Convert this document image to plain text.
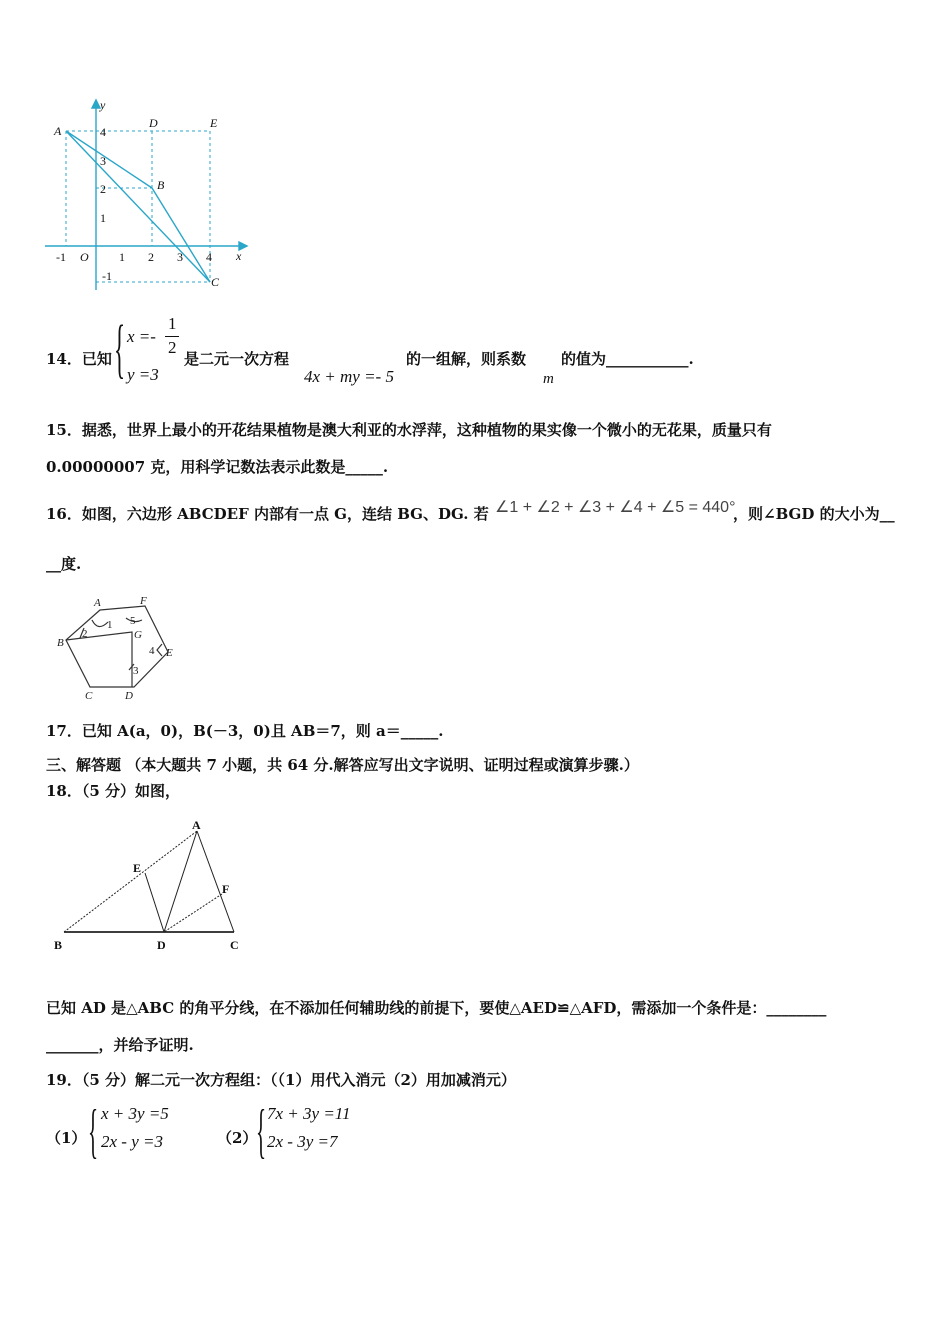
y
x
O
-1	1 2 3 4
4
3
2
1
-1
A
B
C
D	E
14．已知 { x =-
1
2
y =3
是二元一次方程
4x + my =- 5
的一组解，则系数
m
的值为___________.
15．据悉，世界上最小的开花结果植物是澳大利亚的水浮萍，这种植物的果实像一个微小的无花果，质量只有
0.00000007 克，用科学记数法表示此数是_____.
16．如图，六边形 ABCDEF 内部有一点 G，连结 BG、DG. 若 ∠1 + ∠2 + ∠3 + ∠4 + ∠5 = 440°
，则∠BGD 的大小为__
__度.
A	F
B
G
E
C	D
1
2
3
4
5
17．已知 A(a，0)，B(－3，0)且 AB＝7，则 a＝_____.
三、解答题 （本大题共 7 小题，共 64 分.解答应写出文字说明、证明过程或演算步骤.）
18．（5 分）如图，
A
E
F
B	D	C
已知 AD 是△ABC 的角平分线，在不添加任何辅助线的前提下，要使△AED≌△AFD，需添加一个条件是：________
_______，并给予证明.
19．（5 分）解二元一次方程组：（（1）用代入消元（2）用加减消元）
（1） { x + 3y =5
2x - y =3	（2）
{ 7x + 3y =11
2x - 3y =7
